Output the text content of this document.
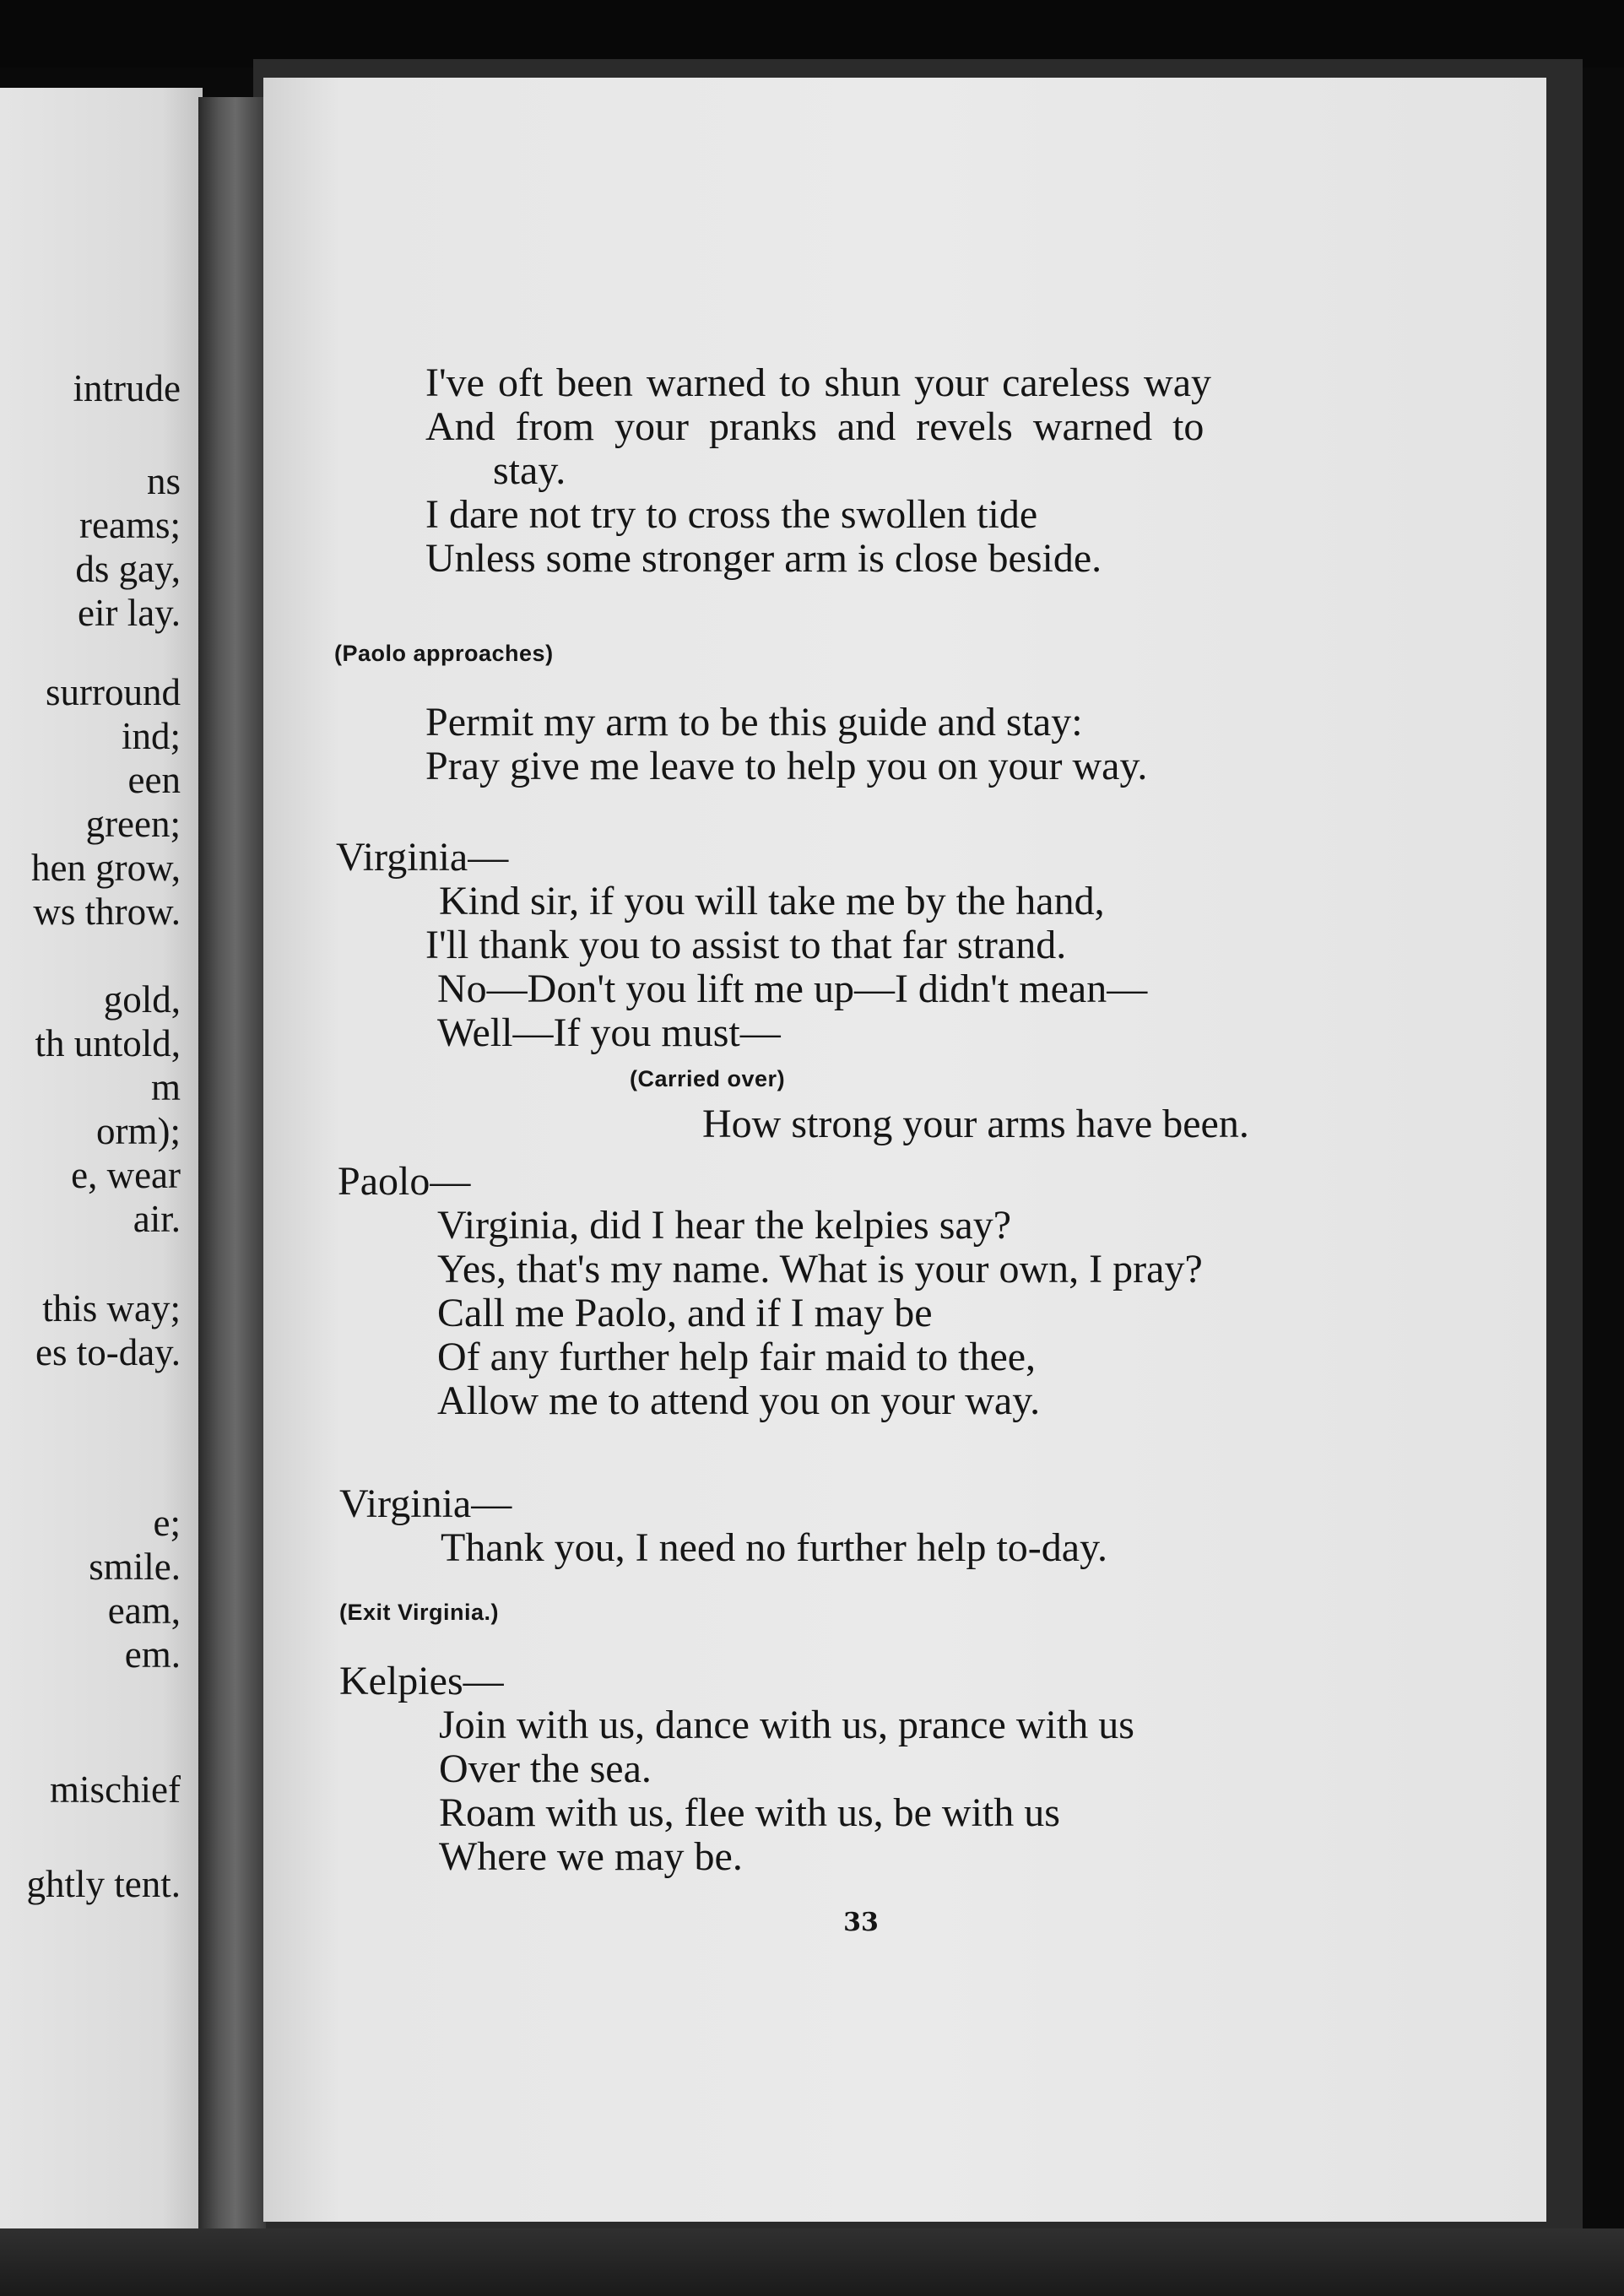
intrude
ns
reams;
ds gay,
eir lay.
surround
ind;
een
green;
hen grow,
ws throw.
gold,
th untold,
m
orm);
e, wear
air.
this way;
es to-day.
e;
smile.
eam,
em.
mischief
ghtly tent.
I've oft been warned to shun your careless way
And from your pranks and revels warned to
stay.
I dare not try to cross the swollen tide
Unless some stronger arm is close beside.
(Paolo approaches)
Permit my arm to be this guide and stay:
Pray give me leave to help you on your way.
Virginia—
Kind sir, if you will take me by the hand,
I'll thank you to assist to that far strand.
No—Don't you lift me up—I didn't mean—
Well—If you must—
(Carried over)
How strong your arms have been.
Paolo—
Virginia, did I hear the kelpies say?
Yes, that's my name. What is your own, I pray?
Call me Paolo, and if I may be
Of any further help fair maid to thee,
Allow me to attend you on your way.
Virginia—
Thank you, I need no further help to-day.
(Exit Virginia.)
Kelpies—
Join with us, dance with us, prance with us
Over the sea.
Roam with us, flee with us, be with us
Where we may be.
33
